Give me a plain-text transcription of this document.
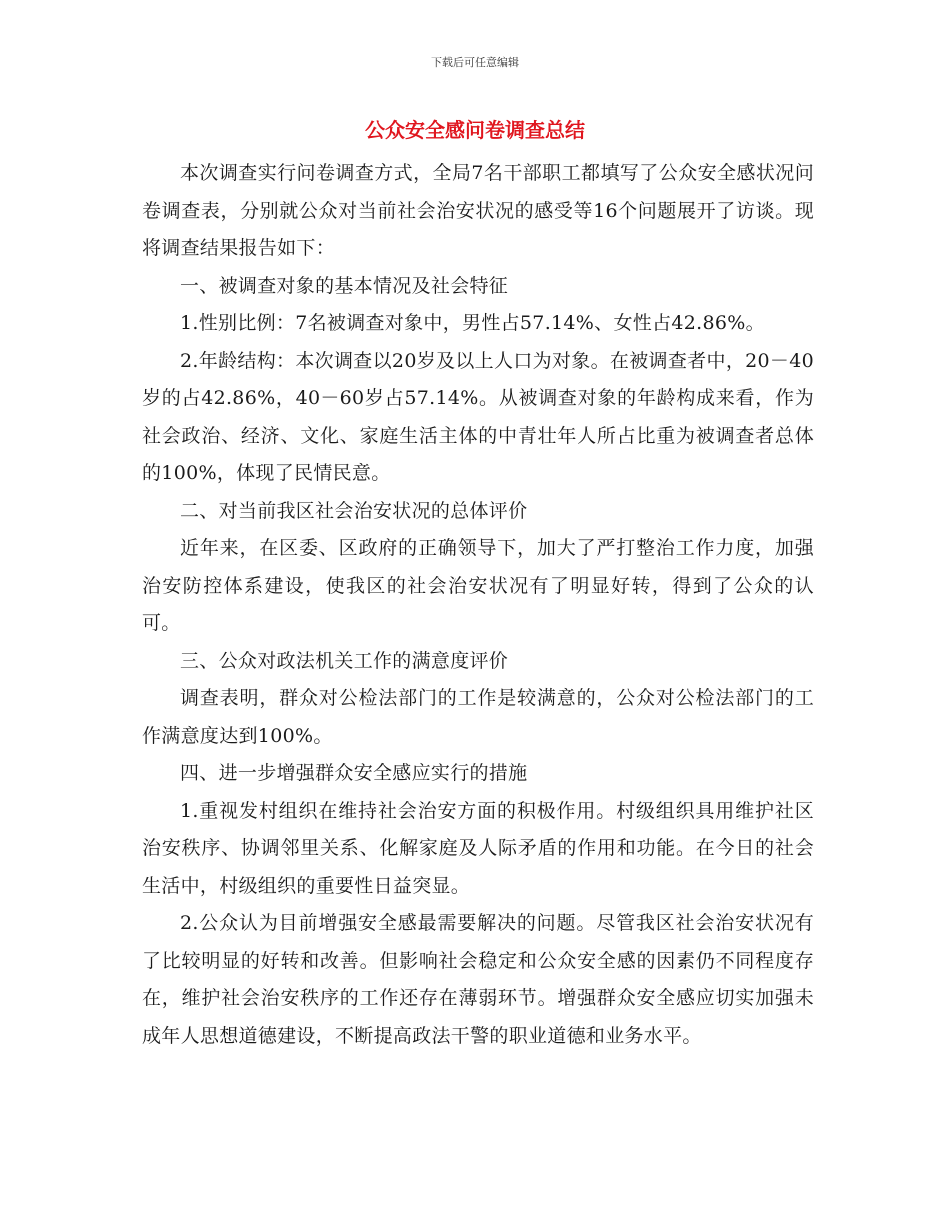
下载后可任意编辑
公众安全感问卷调查总结

本次调查实行问卷调查方式，全局7名干部职工都填写了公众安全感状况问卷调查表，分别就公众对当前社会治安状况的感受等16个问题展开了访谈。现将调查结果报告如下：

一、被调查对象的基本情况及社会特征

1.性别比例：7名被调查对象中，男性占57.14%、女性占42.86%。

2.年龄结构：本次调查以20岁及以上人口为对象。在被调查者中，20－40岁的占42.86%，40－60岁占57.14%。从被调查对象的年龄构成来看，作为社会政治、经济、文化、家庭生活主体的中青壮年人所占比重为被调查者总体的100%，体现了民情民意。

二、对当前我区社会治安状况的总体评价

近年来，在区委、区政府的正确领导下，加大了严打整治工作力度，加强治安防控体系建设，使我区的社会治安状况有了明显好转，得到了公众的认可。

三、公众对政法机关工作的满意度评价

调查表明，群众对公检法部门的工作是较满意的，公众对公检法部门的工作满意度达到100%。

四、进一步增强群众安全感应实行的措施

1.重视发村组织在维持社会治安方面的积极作用。村级组织具用维护社区治安秩序、协调邻里关系、化解家庭及人际矛盾的作用和功能。在今日的社会生活中，村级组织的重要性日益突显。

2.公众认为目前增强安全感最需要解决的问题。尽管我区社会治安状况有了比较明显的好转和改善。但影响社会稳定和公众安全感的因素仍不同程度存在，维护社会治安秩序的工作还存在薄弱环节。增强群众安全感应切实加强未成年人思想道德建设，不断提高政法干警的职业道德和业务水平。
